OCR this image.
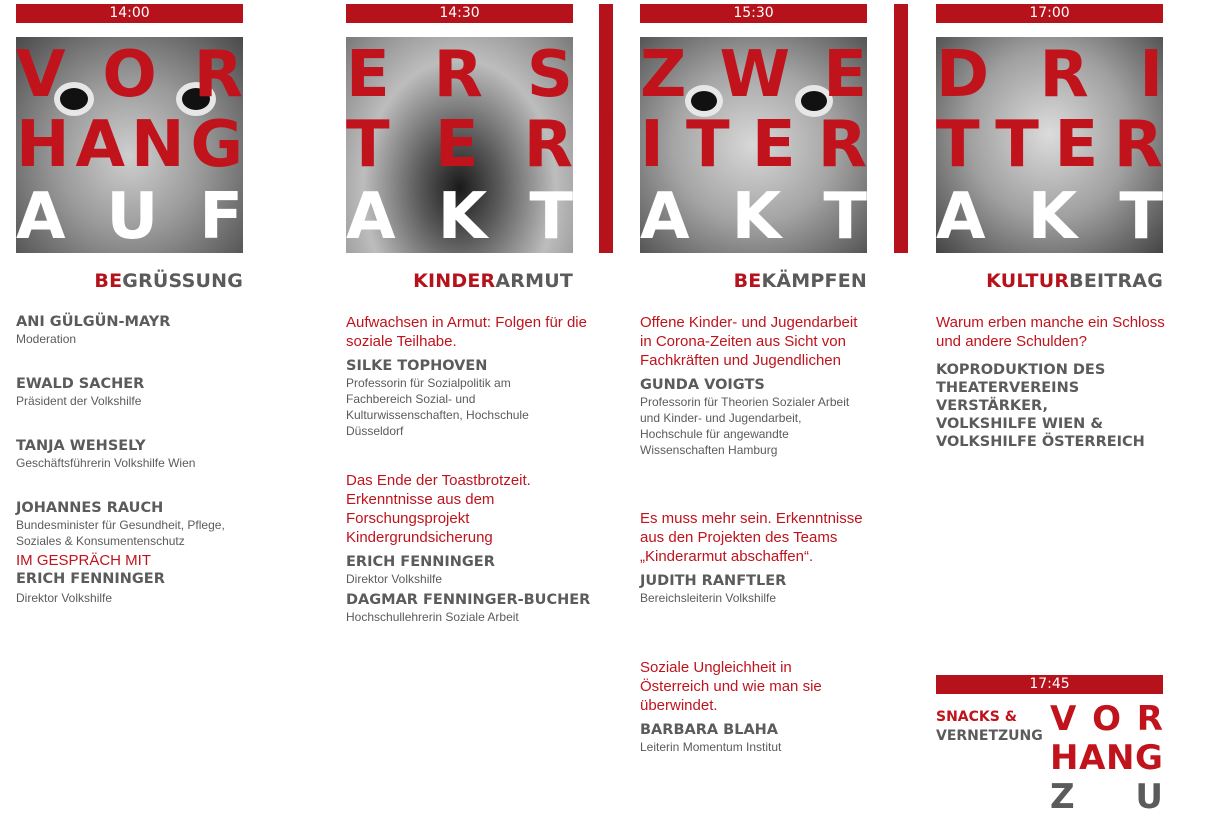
14:00
V O R
H A N G
A U F
BEGRÜSSUNG

ANI GÜLGÜN-MAYR

Moderation

EWALD SACHER

Präsident der Volkshilfe

TANJA WEHSELY

Geschäftsführerin Volkshilfe Wien

JOHANNES RAUCH

Bundesminister für Gesundheit, Pflege, Soziales & Konsumentenschutz

IM GESPRÄCH MIT

ERICH FENNINGER

Direktor Volkshilfe

14:30
E R S
T E R
A K T
KINDERARMUT

Aufwachsen in Armut: Folgen für die soziale Teilhabe.

SILKE TOPHOVEN

Professorin für Sozialpolitik am Fachbereich Sozial- und Kulturwissenschaften, Hochschule Düsseldorf

Das Ende der Toastbrotzeit. Erkenntnisse aus dem Forschungsprojekt Kindergrundsicherung

ERICH FENNINGER

Direktor Volkshilfe

DAGMAR FENNINGER-BUCHER

Hochschullehrerin Soziale Arbeit

Pause
15:30
Z W E
I T E R
A K T
BEKÄMPFEN

Offene Kinder- und Jugendarbeit in Corona-Zeiten aus Sicht von Fachkräften und Jugendlichen

GUNDA VOIGTS

Professorin für Theorien Sozialer Arbeit und Kinder- und Jugendarbeit, Hochschule für angewandte Wissenschaften Hamburg

Es muss mehr sein. Erkenntnisse aus den Projekten des Teams „Kinderarmut abschaffen“.

JUDITH RANFTLER

Bereichsleiterin Volkshilfe

Soziale Ungleichheit in Österreich und wie man sie überwindet.

BARBARA BLAHA

Leiterin Momentum Institut

Pause
17:00
D R I
T T E R
A K T
KULTURBEITRAG

Warum erben manche ein Schloss und andere Schulden?

KOPRODUKTION DES THEATERVEREINS VERSTÄRKER, VOLKSHILFE WIEN & VOLKSHILFE ÖSTERREICH

17:45
SNACKS &
VERNETZUNG V O R
H A N G
Z U
